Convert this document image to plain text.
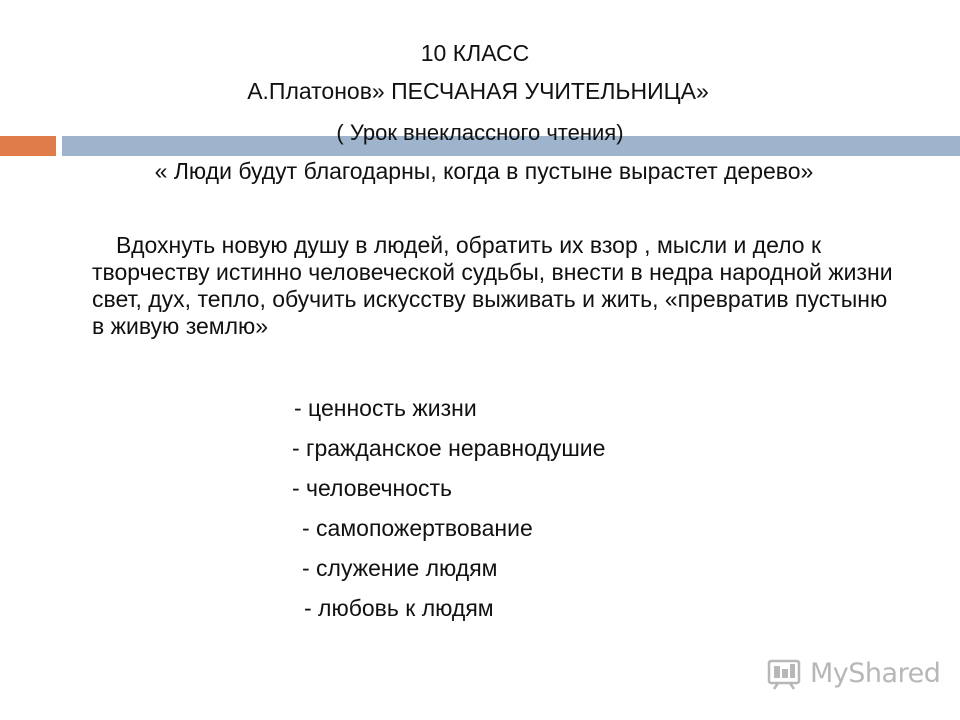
10 КЛАСС

А.Платонов» ПЕСЧАНАЯ УЧИТЕЛЬНИЦА»

( Урок внеклассного чтения)

« Люди будут благодарны, когда в пустыне вырастет дерево»

Вдохнуть новую душу в людей, обратить их взор , мысли и дело к творчеству истинно человеческой судьбы, внести в недра народной жизни свет, дух, тепло, обучить искусству выживать и жить, «превратив пустыню в живую землю»

- ценность жизни

- гражданское неравнодушие

- человечность

- самопожертвование

- служение людям

- любовь к людям

MyShared
